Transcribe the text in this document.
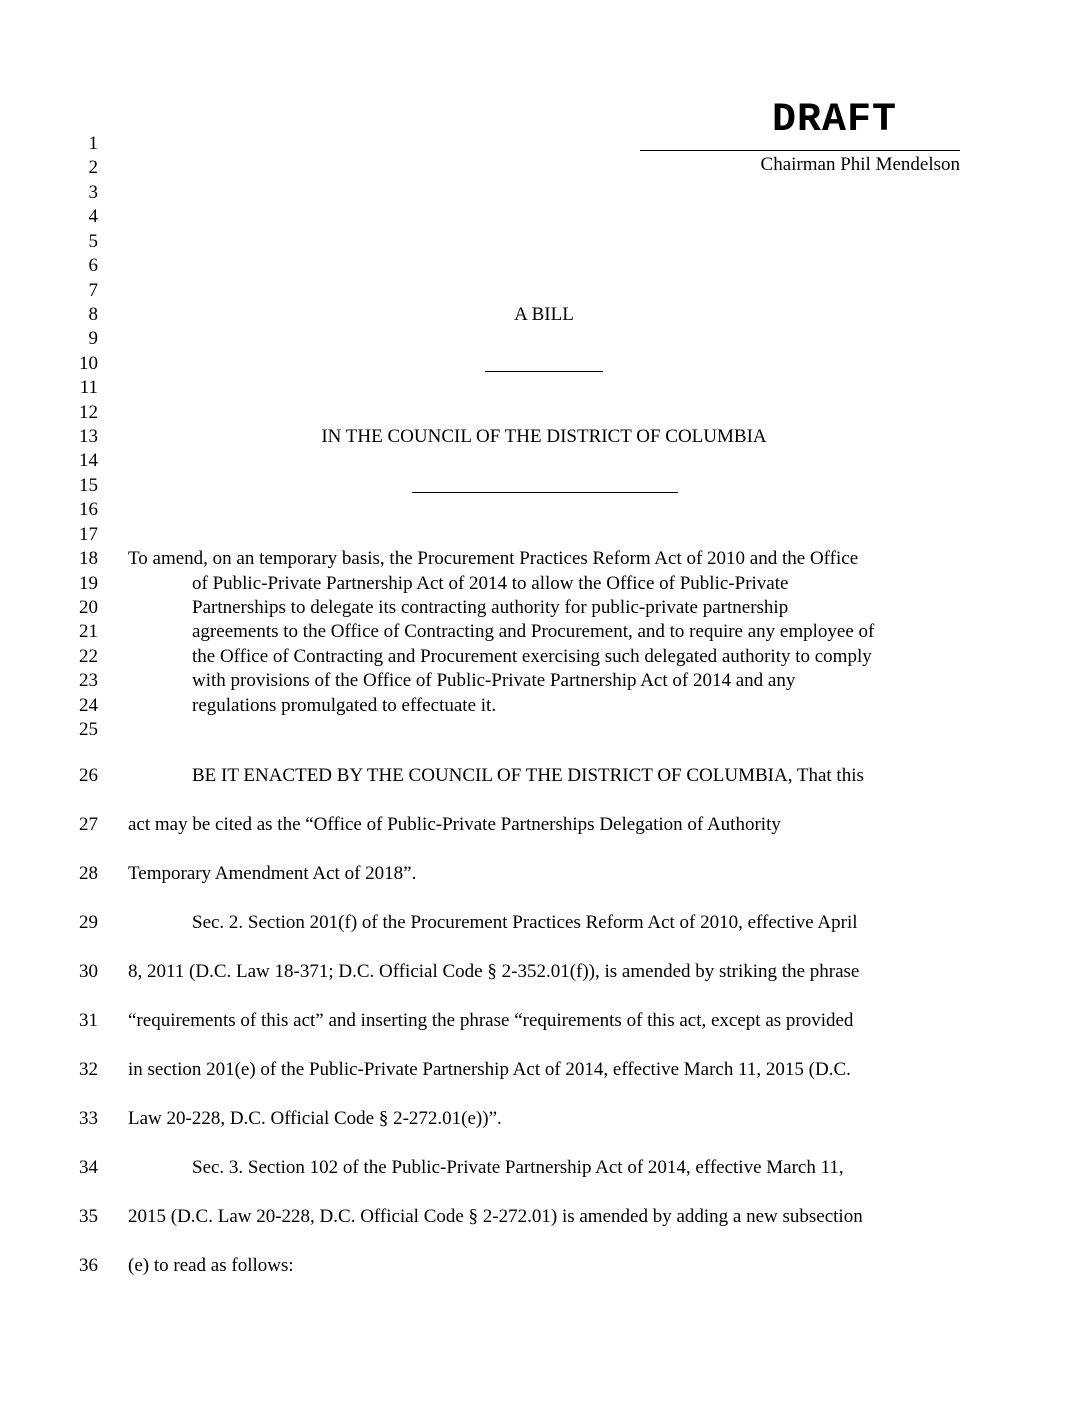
DRAFT
Chairman Phil Mendelson
1
2
3
4
5
6
7
8
9
10
11
12
13
14
15
16
17
18
19
20
21
22
23
24
25
26
27
28
29
30
31
32
33
34
35
36
A BILL
IN THE COUNCIL OF THE DISTRICT OF COLUMBIA
To amend, on an temporary basis, the Procurement Practices Reform Act of 2010 and the Office
of Public-Private Partnership Act of 2014 to allow the Office of Public-Private
Partnerships to delegate its contracting authority for public-private partnership
agreements to the Office of Contracting and Procurement, and to require any employee of
the Office of Contracting and Procurement exercising such delegated authority to comply
with provisions of the Office of Public-Private Partnership Act of 2014 and any
regulations promulgated to effectuate it.
BE IT ENACTED BY THE COUNCIL OF THE DISTRICT OF COLUMBIA, That this
act may be cited as the “Office of Public-Private Partnerships Delegation of Authority
Temporary Amendment Act of 2018”.
Sec. 2. Section 201(f) of the Procurement Practices Reform Act of 2010, effective April
8, 2011 (D.C. Law 18-371; D.C. Official Code § 2-352.01(f)), is amended by striking the phrase
“requirements of this act” and inserting the phrase “requirements of this act, except as provided
in section 201(e) of the Public-Private Partnership Act of 2014, effective March 11, 2015 (D.C.
Law 20-228, D.C. Official Code § 2-272.01(e))”.
Sec. 3. Section 102 of the Public-Private Partnership Act of 2014, effective March 11,
2015 (D.C. Law 20-228, D.C. Official Code § 2-272.01) is amended by adding a new subsection
(e) to read as follows:
